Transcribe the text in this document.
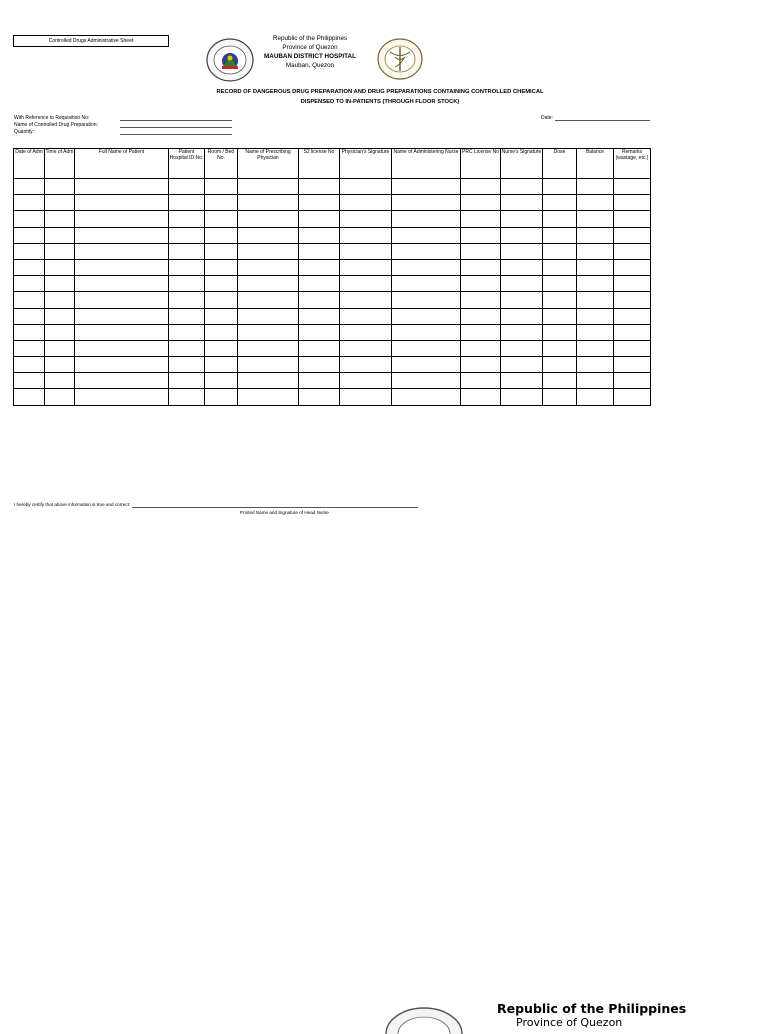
Controlled Drugs Administrative Sheet	Republic of the Philippines
Province of Quezon
MAUBAN DISTRICT HOSPITAL
Mauban, Quezon
RECORD OF DANGEROUS DRUG PREPARATION AND DRUG PREPARATIONS CONTAINING CONTROLLED CHEMICAL
DISPENSED TO IN-PATIENTS (THROUGH FLOOR STOCK)
With Reference to Requisition No:
Name of Controlled Drug Preparation:
Quantity:
Date:
Date of Adm	Time of Adm	Full Name of Patient	Patient Hospital ID No.	Room / Bed No.	Name of Prescribing Physician	S2 license No	Physician's Signature	Name of Administering Nurse	PRC License No	Nurse's Signature	Dose	Balance	Remarks (wastage, etc.)

I hereby certify that above information is true and correct:
Printed Name and Signature of Head Nurse
Republic of the Philippines
Province of Quezon
